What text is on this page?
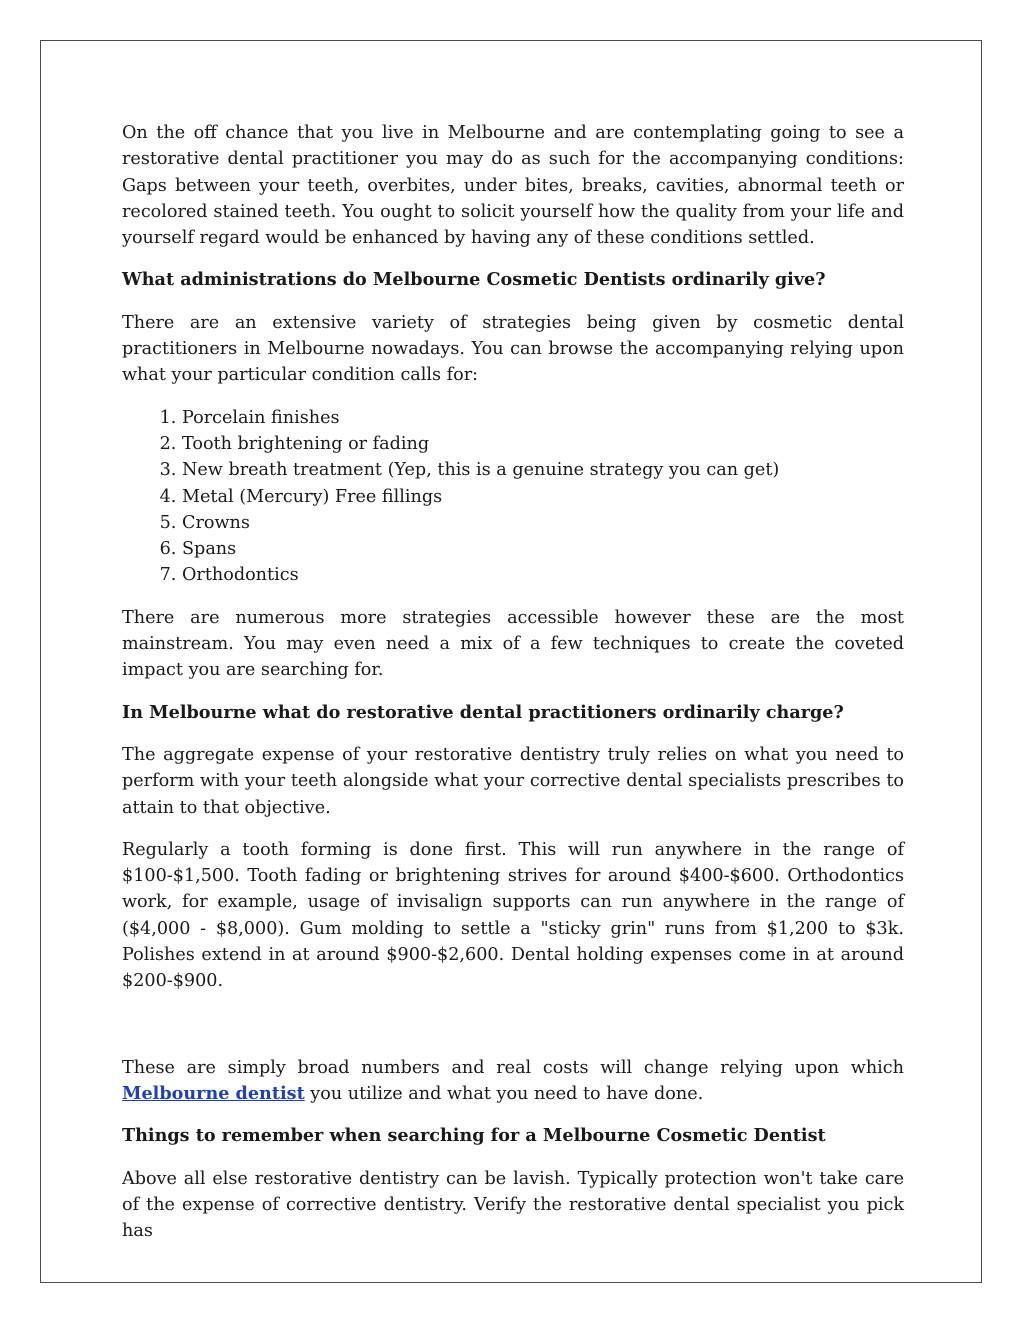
On the off chance that you live in Melbourne and are contemplating going to see a restorative dental practitioner you may do as such for the accompanying conditions: Gaps between your teeth, overbites, under bites, breaks, cavities, abnormal teeth or recolored stained teeth. You ought to solicit yourself how the quality from your life and yourself regard would be enhanced by having any of these conditions settled.

What administrations do Melbourne Cosmetic Dentists ordinarily give?

There are an extensive variety of strategies being given by cosmetic dental practitioners in Melbourne nowadays. You can browse the accompanying relying upon what your particular condition calls for:

1. Porcelain finishes
2. Tooth brightening or fading
3. New breath treatment (Yep, this is a genuine strategy you can get)
4. Metal (Mercury) Free fillings
5. Crowns
6. Spans
7. Orthodontics

There are numerous more strategies accessible however these are the most mainstream. You may even need a mix of a few techniques to create the coveted impact you are searching for.

In Melbourne what do restorative dental practitioners ordinarily charge?

The aggregate expense of your restorative dentistry truly relies on what you need to perform with your teeth alongside what your corrective dental specialists prescribes to attain to that objective.

Regularly a tooth forming is done first. This will run anywhere in the range of $100-$1,500. Tooth fading or brightening strives for around $400-$600. Orthodontics work, for example, usage of invisalign supports can run anywhere in the range of ($4,000 - $8,000). Gum molding to settle a "sticky grin" runs from $1,200 to $3k. Polishes extend in at around $900-$2,600. Dental holding expenses come in at around $200-$900.

These are simply broad numbers and real costs will change relying upon which Melbourne dentist you utilize and what you need to have done.

Things to remember when searching for a Melbourne Cosmetic Dentist

Above all else restorative dentistry can be lavish. Typically protection won't take care of the expense of corrective dentistry. Verify the restorative dental specialist you pick has
